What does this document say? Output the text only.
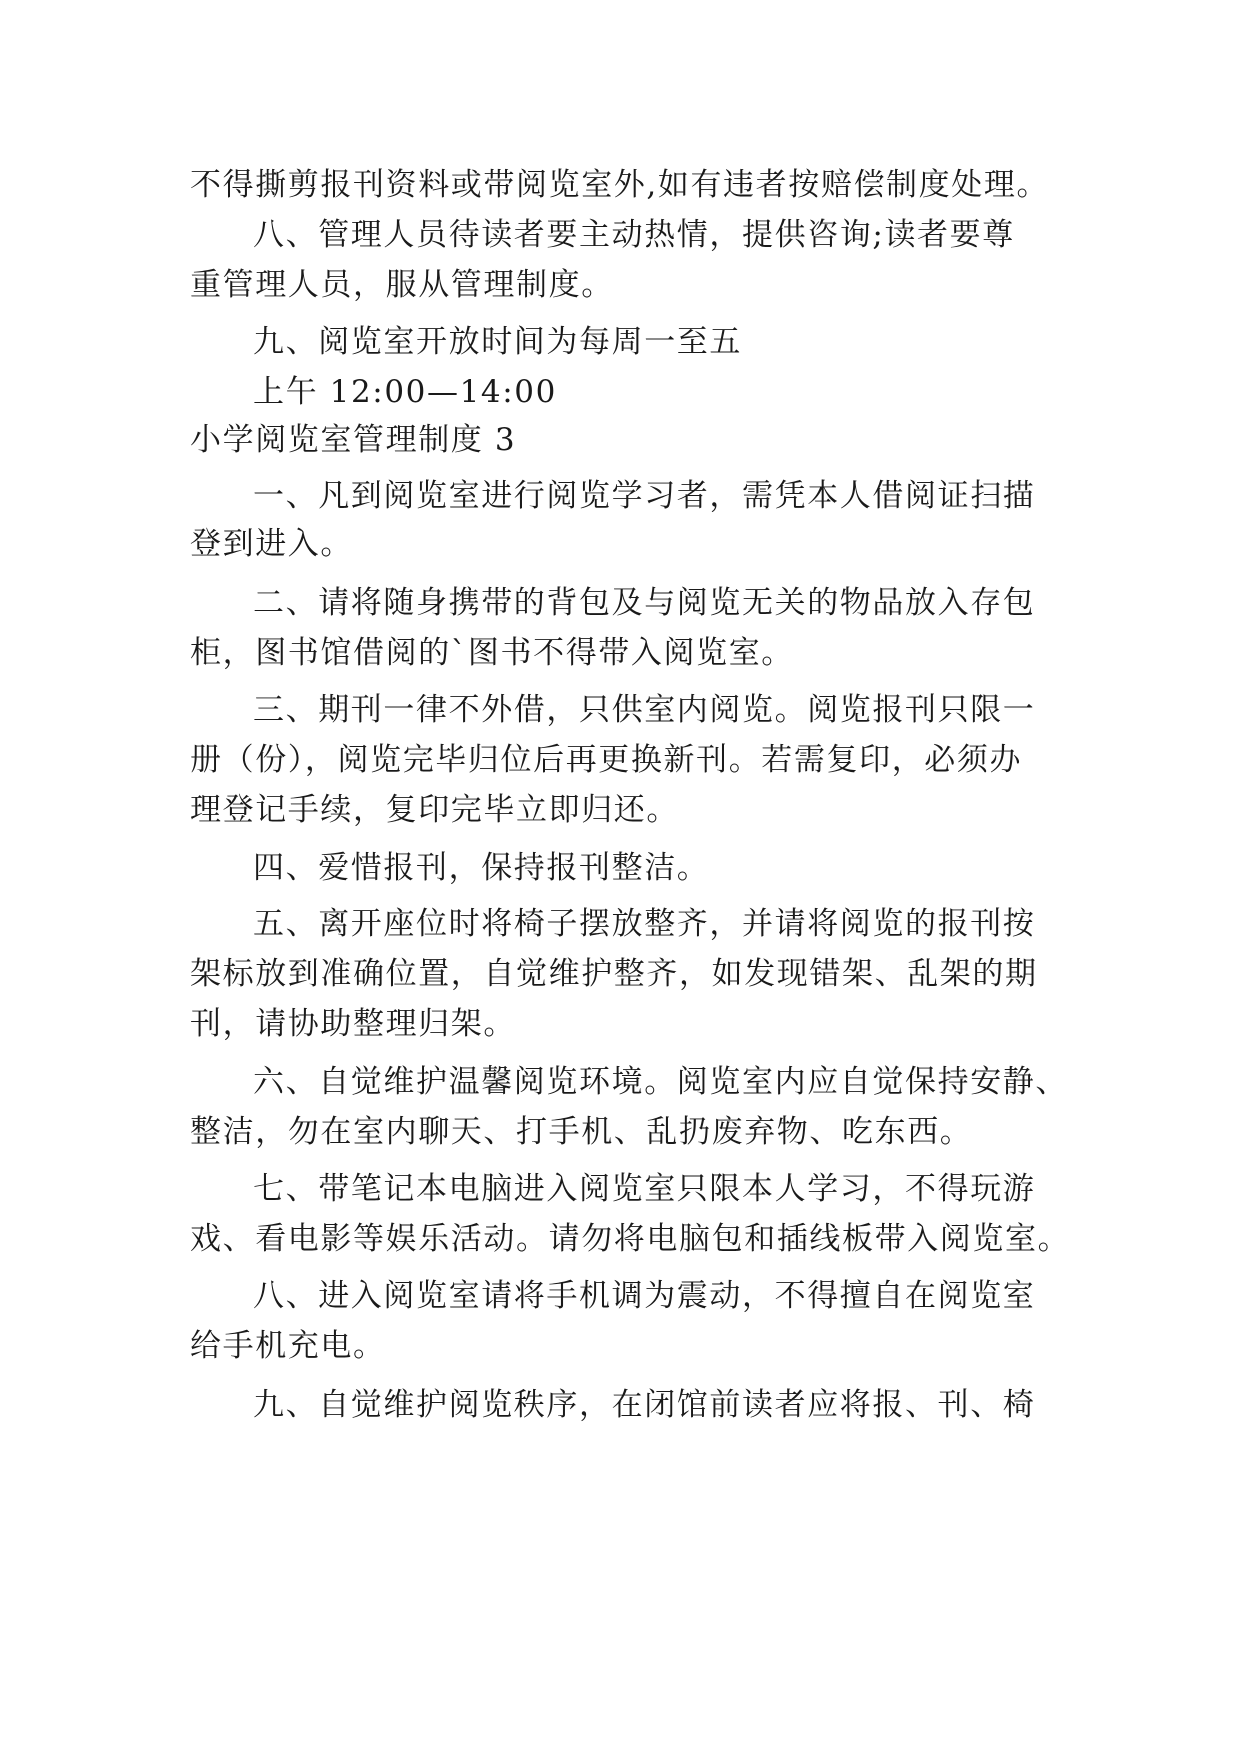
不得撕剪报刊资料或带阅览室外,如有违者按赔偿制度处理。
八、管理人员待读者要主动热情，提供咨询;读者要尊
重管理人员，服从管理制度。
九、阅览室开放时间为每周一至五
上午 12:00—14:00
小学阅览室管理制度 3
一、凡到阅览室进行阅览学习者，需凭本人借阅证扫描
登到进入。
二、请将随身携带的背包及与阅览无关的物品放入存包
柜，图书馆借阅的`图书不得带入阅览室。
三、期刊一律不外借，只供室内阅览。阅览报刊只限一
册（份），阅览完毕归位后再更换新刊。若需复印，必须办
理登记手续，复印完毕立即归还。
四、爱惜报刊，保持报刊整洁。
五、离开座位时将椅子摆放整齐，并请将阅览的报刊按
架标放到准确位置，自觉维护整齐，如发现错架、乱架的期
刊，请协助整理归架。
六、自觉维护温馨阅览环境。阅览室内应自觉保持安静、
整洁，勿在室内聊天、打手机、乱扔废弃物、吃东西。
七、带笔记本电脑进入阅览室只限本人学习，不得玩游
戏、看电影等娱乐活动。请勿将电脑包和插线板带入阅览室。
八、进入阅览室请将手机调为震动，不得擅自在阅览室
给手机充电。
九、自觉维护阅览秩序，在闭馆前读者应将报、刊、椅
